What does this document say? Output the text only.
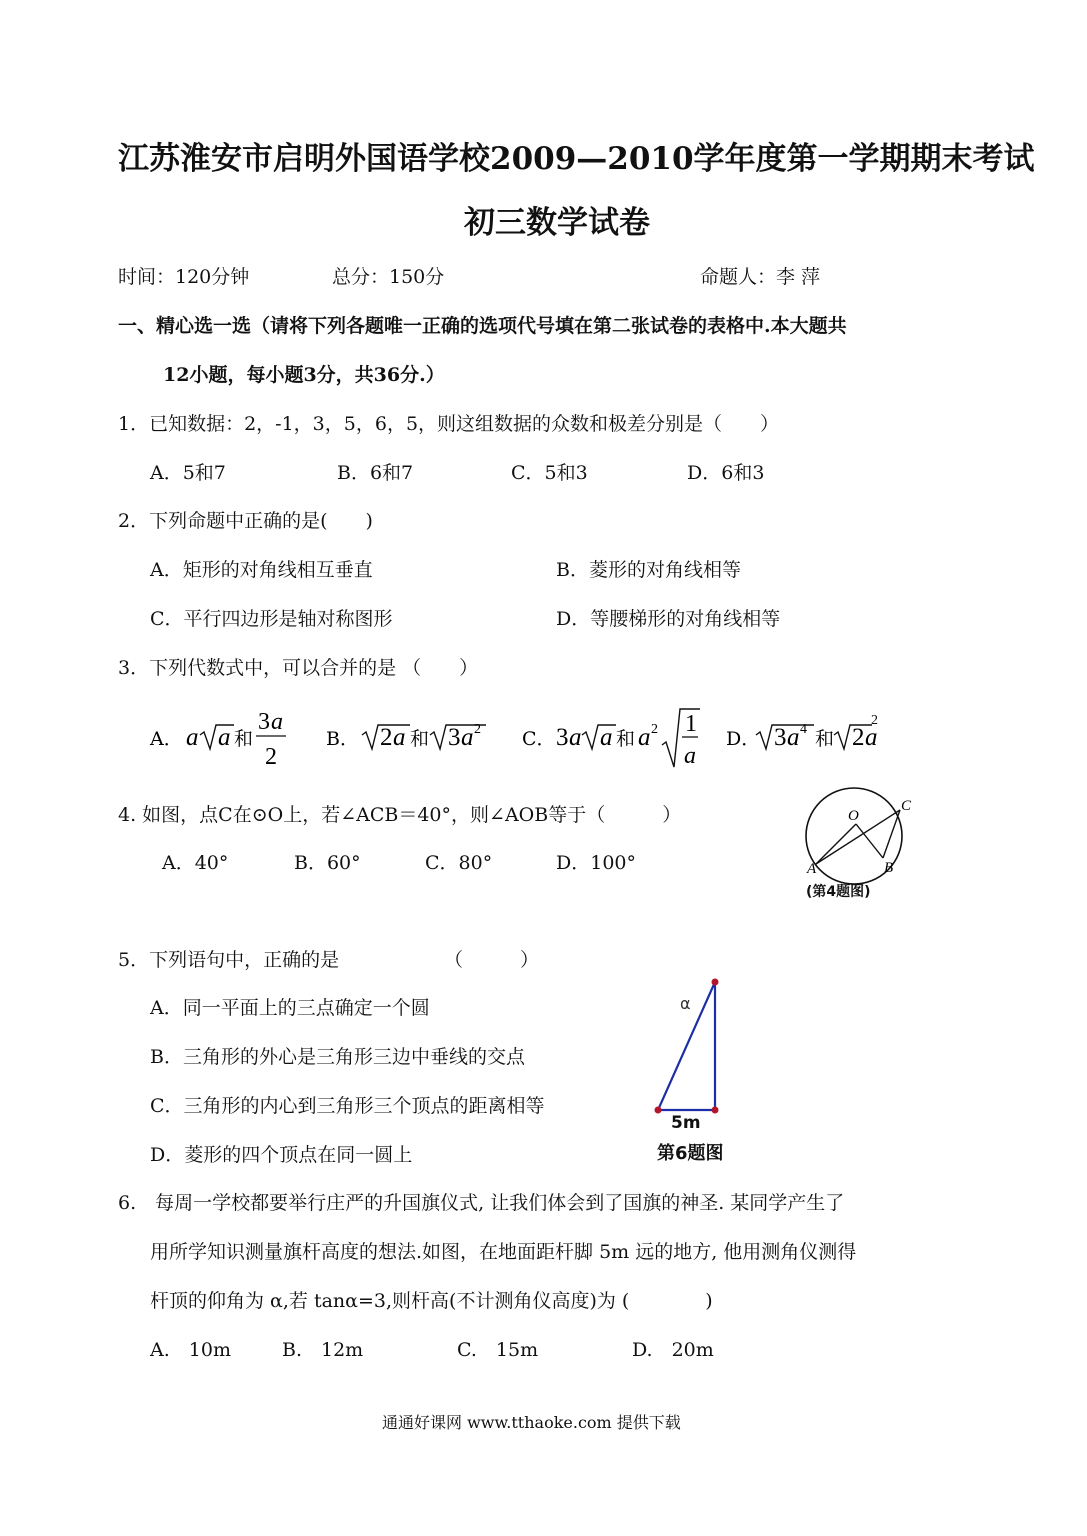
江苏淮安市启明外国语学校2009—2010学年度第一学期期末考试
初三数学试卷
时间：120分钟	总分：150分	命题人：李 萍
一、精心选一选（请将下列各题唯一正确的选项代号填在第二张试卷的表格中.本大题共
12小题，每小题3分，共36分.）
1．已知数据：2，-1，3，5，6，5，则这组数据的众数和极差分别是（　　）
A．5和7	B．6和7	C．5和3	D．6和3
2．下列命题中正确的是(　　)
A．矩形的对角线相互垂直	B．菱形的对角线相等
C．平行四边形是轴对称图形	D．等腰梯形的对角线相等
3．下列代数式中，可以合并的是 （　　）
A． a a 和
3 a
2
B． 2 a 和 3 a 2 C． 3 a a 和 a 2 1
a
D． 3 a 4 和 2 a
2
4. 如图，点C在⊙O上，若∠ACB＝40°，则∠AOB等于（　　　）
A．40°	B．60°	C．80°	D．100°
O
A	B
C
(第4题图)
5．下列语句中，正确的是	（　　　）
A．同一平面上的三点确定一个圆
B．三角形的外心是三角形三边中垂线的交点
C．三角形的内心到三角形三个顶点的距离相等
D．菱形的四个顶点在同一圆上
α
5m
第6题图
6.　每周一学校都要举行庄严的升国旗仪式, 让我们体会到了国旗的神圣. 某同学产生了
用所学知识测量旗杆高度的想法.如图，在地面距杆脚 5m 远的地方, 他用测角仪测得
杆顶的仰角为 α,若 tanα=3,则杆高(不计测角仪高度)为 (　　　　)
A.　10m	B.　12m	C.　15m	D.　20m
通通好课网 www.tthaoke.com 提供下载
